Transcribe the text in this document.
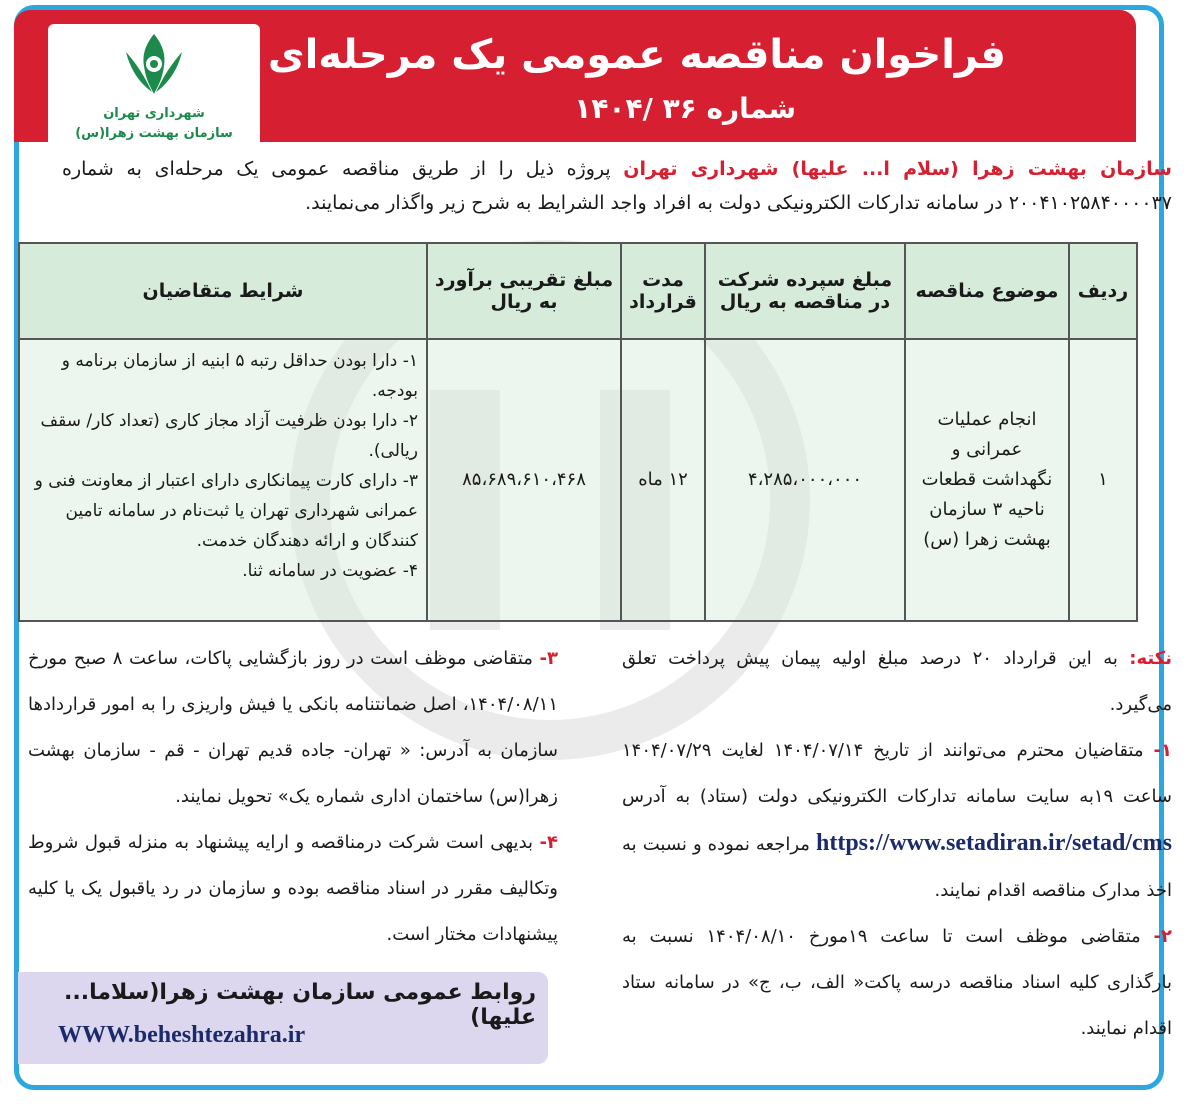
فراخوان مناقصه عمومی یک مرحله‌ای
شماره ۳۶ /۱۴۰۴
شهرداری تهران
سازمان بهشت زهرا(س)
سازمان بهشت زهرا (سلام ا... علیها) شهرداری تهران پروژه ذیل را از طریق مناقصه عمومی یک مرحله‌ای به شماره ۲۰۰۴۱۰۲۵۸۴۰۰۰۰۳۷ در سامانه تدارکات الکترونیکی دولت به افراد واجد الشرایط به شرح زیر واگذار می‌نمایند.
ردیف	موضوع مناقصه	مبلغ سپرده شرکت در مناقصه به ریال	مدت قرارداد	مبلغ تقریبی برآورد به ریال	شرایط متقاضیان
۱	انجام عملیات عمرانی و نگهداشت قطعات ناحیه ۳ سازمان بهشت زهرا (س)	۴،۲۸۵،۰۰۰،۰۰۰	۱۲ ماه	۸۵،۶۸۹،۶۱۰،۴۶۸	۱- دارا بودن حداقل رتبه ۵ ابنیه از سازمان برنامه و بودجه.
۲- دارا بودن ظرفیت آزاد مجاز کاری (تعداد کار/ سقف ریالی).
۳- دارای کارت پیمانکاری دارای اعتبار از معاونت فنی و عمرانی شهرداری تهران یا ثبت‌نام در سامانه تامین کنندگان و ارائه دهندگان خدمت.
۴- عضویت در سامانه ثنا.
نکته: به این قرارداد ۲۰ درصد مبلغ اولیه پیمان پیش پرداخت تعلق می‌گیرد.
۱- متقاضیان محترم می‌توانند از تاریخ ۱۴۰۴/۰۷/۱۴ لغایت ۱۴۰۴/۰۷/۲۹ ساعت ۱۹به سایت سامانه تدارکات الکترونیکی دولت (ستاد) به آدرس https://www.setadiran.ir/setad/cms مراجعه نموده و نسبت به اخذ مدارک مناقصه اقدام نمایند.
۲- متقاضی موظف است تا ساعت ۱۹مورخ ۱۴۰۴/۰۸/۱۰ نسبت به بارگذاری کلیه اسناد مناقصه درسه پاکت« الف، ب، ج» در سامانه ستاد اقدام نمایند.
۳- متقاضی موظف است در روز بازگشایی پاکات، ساعت ۸ صبح مورخ ۱۴۰۴/۰۸/۱۱، اصل ضمانتنامه بانکی یا فیش واریزی را به امور قراردادها سازمان به آدرس: « تهران- جاده قدیم تهران - قم - سازمان بهشت زهرا(س) ساختمان اداری شماره یک» تحویل نمایند.
۴- بدیهی است شرکت درمناقصه و ارایه پیشنهاد به منزله قبول شروط وتکالیف مقرر در اسناد مناقصه بوده و سازمان در رد یاقبول یک یا کلیه پیشنهادات مختار است.
روابط عمومی سازمان بهشت زهرا(سلاما... علیها)
WWW.beheshtezahra.ir
